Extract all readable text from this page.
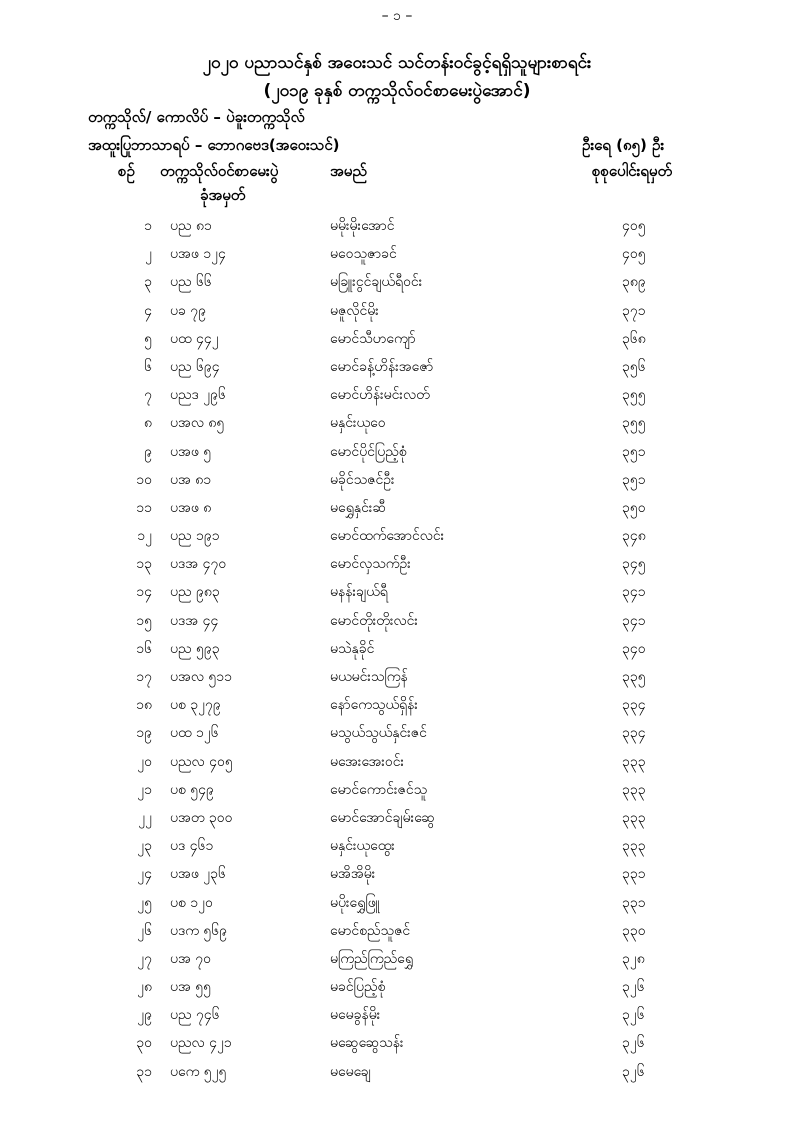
– ၁ –
၂၀၂၀ ပညာသင်နှစ် အဝေးသင် သင်တန်းဝင်ခွင့်ရရှိသူများစာရင်း
(၂၀၁၉ ခုနှစ် တက္ကသိုလ်ဝင်စာမေးပွဲအောင်)
တက္ကသိုလ်/ ကောလိပ် – ပဲခူးတက္ကသိုလ်
အထူးပြုဘာသာရပ် – ဘောဂဗေဒ(အဝေးသင်)	ဦးရေ (၈၅) ဦး
စဉ် တက္ကသိုလ်ဝင်စာမေးပွဲ
ခုံအမှတ်
အမည်	စုစုပေါင်းရမှတ်
၁ ပည ၈၁	မမိုးမိုးအောင်	၄၀၅
၂ ပအဖ ၁၂၄	မဝေသူဇာခင်	၄၀၅
၃ ပည ၆၆	မခြူးငွင်ချယ်ရီဝင်း	၃၈၉
၄ ပခ ၇၉	မဇူလိုင်မိုး	၃၇၁
၅ ပထ ၄၄၂	မောင်သီဟကျော်	၃၆၈
၆ ပည ၆၉၄	မောင်ခန့်ဟိန်းအဇော်	၃၅၆
၇ ပညဒ ၂၉၆	မောင်ဟိန်းမင်းလတ်	၃၅၅
၈ ပအလ ၈၅	မနှင်းယုဝေ	၃၅၅
၉ ပအဖ ၅	မောင်ပိုင်ပြည့်စုံ	၃၅၁
၁၀ ပအ ၈၁	မခိုင်သဇင်ဦး	၃၅၁
၁၁ ပအဖ ၈	မရွှေနှင်းဆီ	၃၅၀
၁၂ ပည ၁၉၁	မောင်ထက်အောင်လင်း	၃၄၈
၁၃ ပဒအ ၄၇၀	မောင်လှသက်ဦး	၃၄၅
၁၄ ပည ၉၈၃	မနန်းချယ်ရီ	၃၄၁
၁၅ ပဒအ ၄၄	မောင်တိုးတိုးလင်း	၃၄၁
၁၆ ပည ၅၉၃	မသဲနုခိုင်	၃၄၀
၁၇ ပအလ ၅၁၁	မယမင်းသကြန်	၃၃၅
၁၈ ပစ ၃၂၇၉	နော်ကေသွယ်ရှိန်း	၃၃၄
၁၉ ပထ ၁၂၆	မသွယ်သွယ်နှင်းဇင်	၃၃၄
၂၀ ပညလ ၄၀၅	မအေးအေးဝင်း	၃၃၃
၂၁ ပစ ၅၄၉	မောင်ကောင်းဇင်သူ	၃၃၃
၂၂ ပအတ ၃၀၀	မောင်အောင်ချမ်းဆွေ	၃၃၃
၂၃ ပဒ ၄၆၁	မနှင်းယုထွေး	၃၃၃
၂၄ ပအဖ ၂၃၆	မအိအိမိုး	၃၃၁
၂၅ ပစ ၁၂၀	မပိုးရွှေဖြူ	၃၃၁
၂၆ ပဒက ၅၆၉	မောင်စည်သူဇင်	၃၃၀
၂၇ ပအ ၇၀	မကြည်ကြည်ရွှေ	၃၂၈
၂၈ ပအ ၅၅	မခင်ပြည့်စုံ	၃၂၆
၂၉ ပည ၇၄၆	မမေခွန်မိုး	၃၂၆
၃၀ ပညလ ၄၂၁	မဆွေဆွေသန်း	၃၂၆
၃၁ ပကေ ၅၂၅	မမေချေ	၃၂၆
